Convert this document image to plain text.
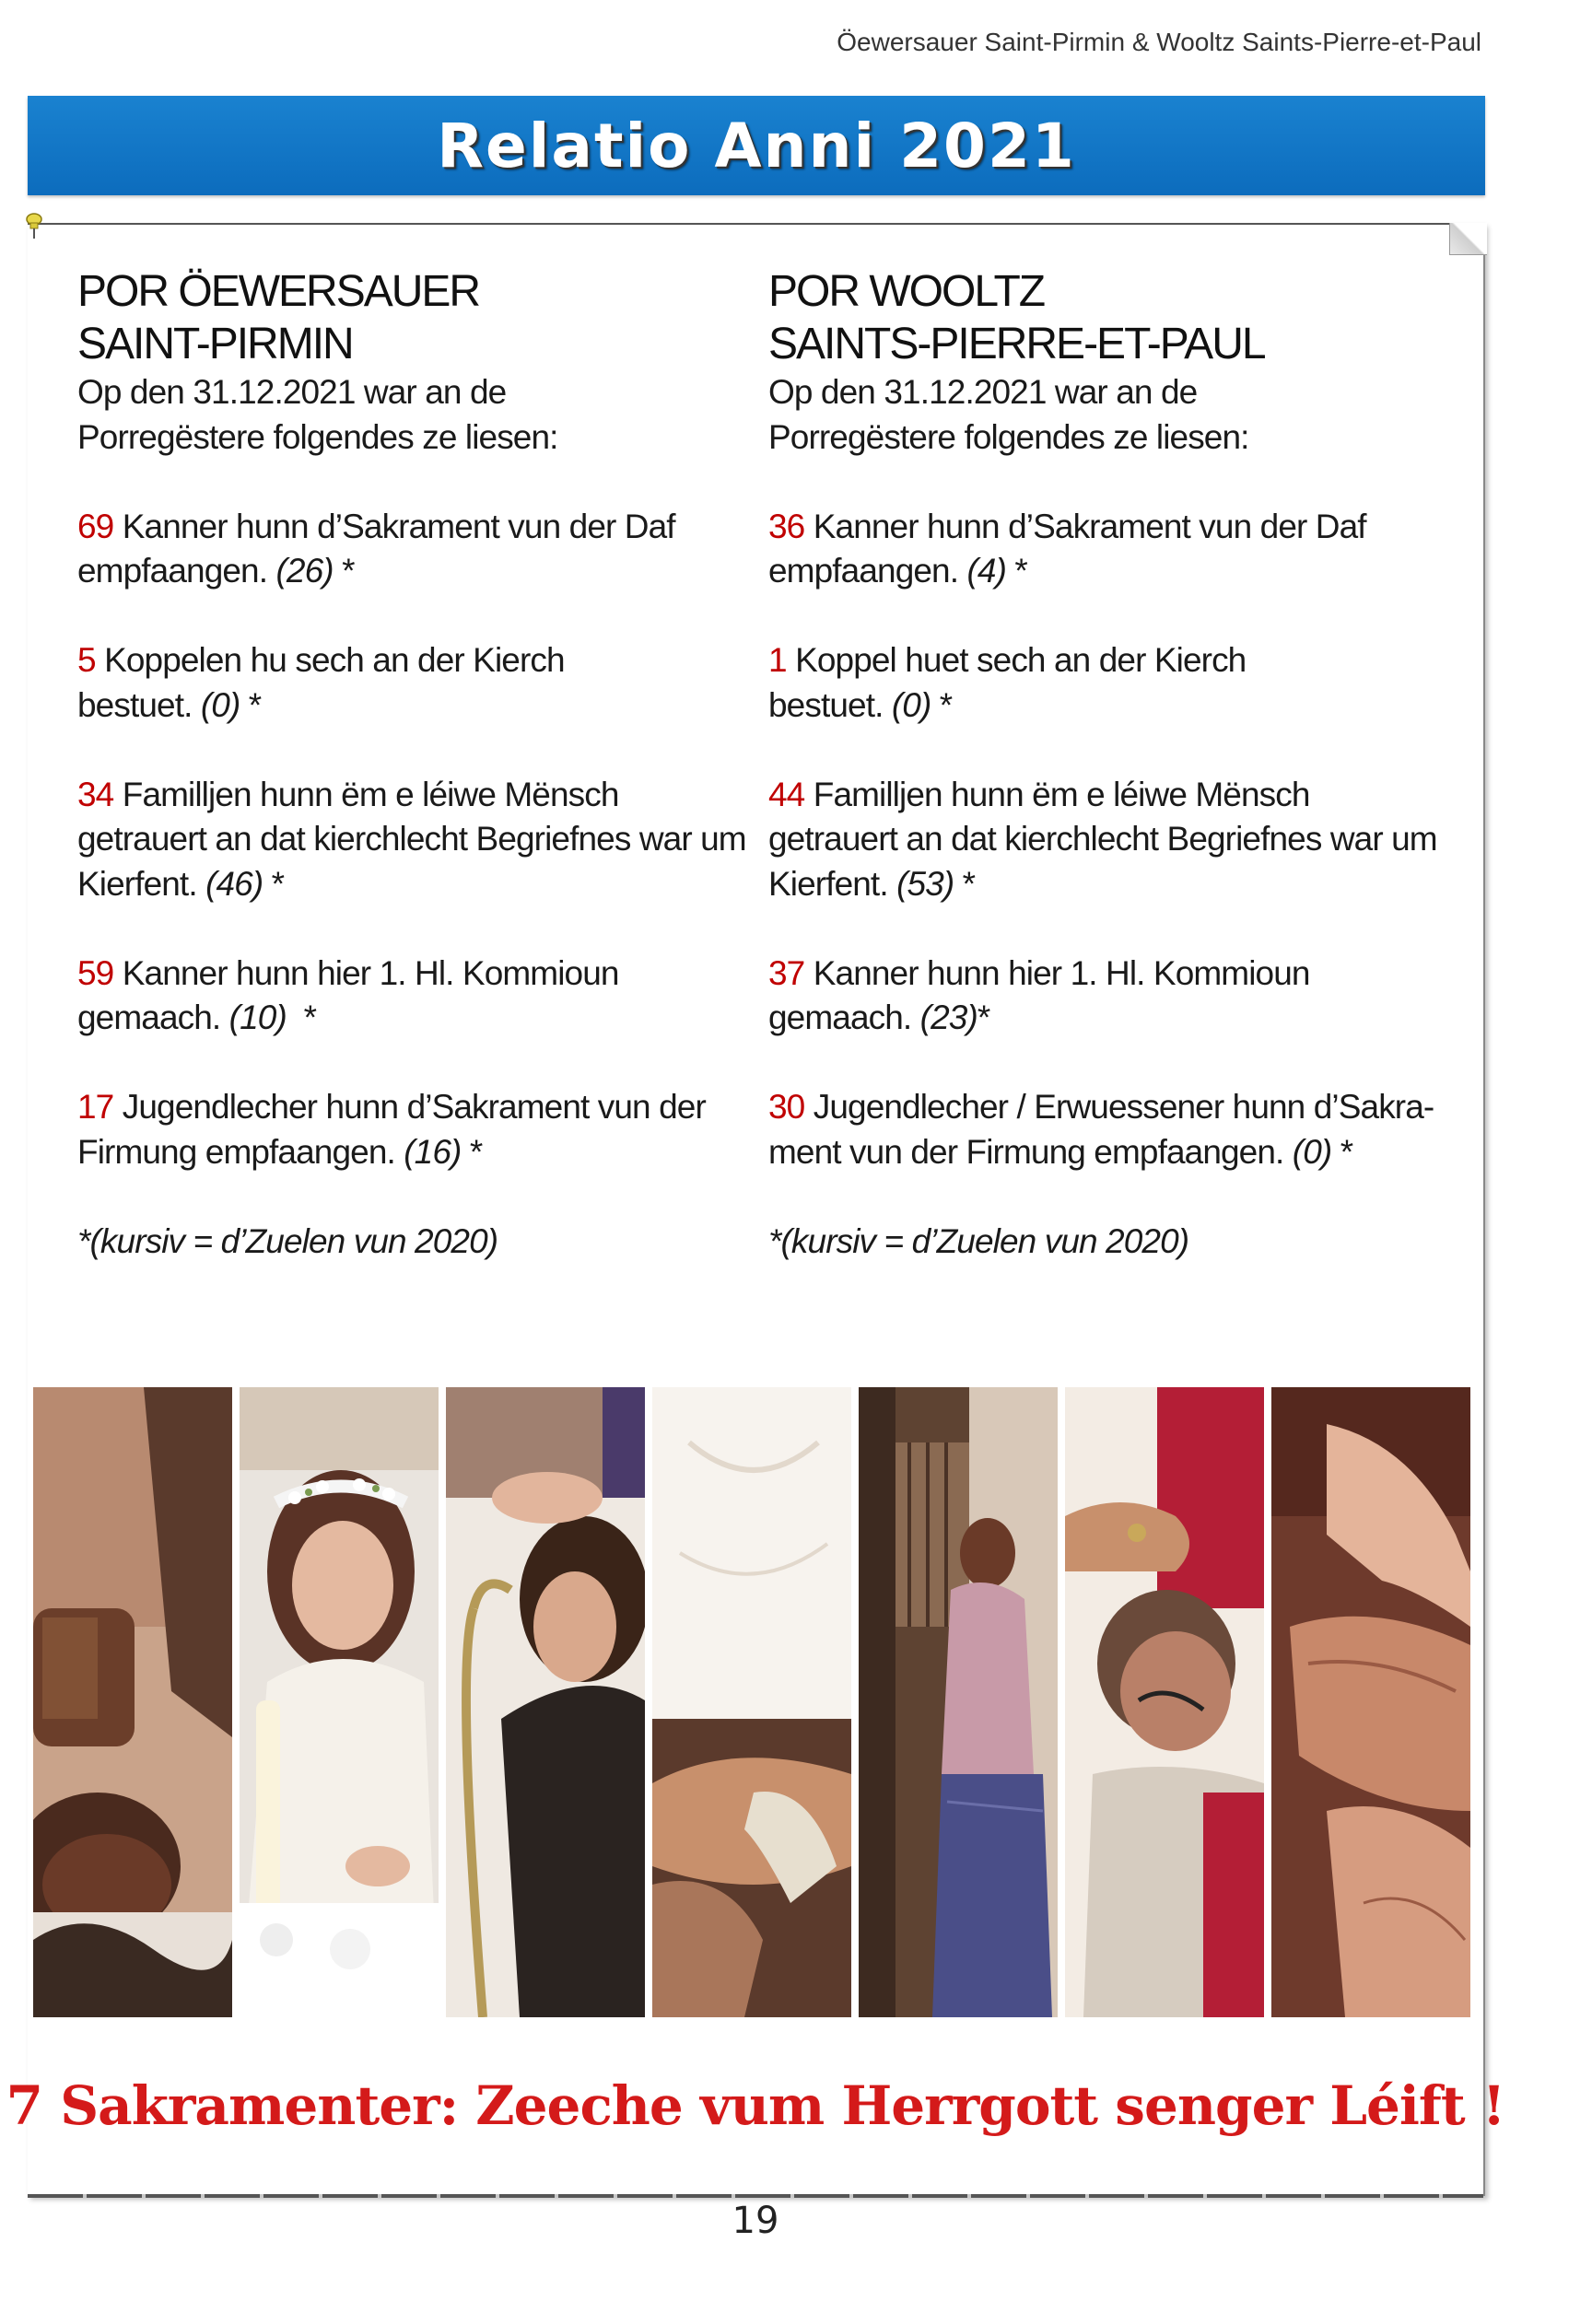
Öewersauer Saint-Pirmin & Wooltz Saints-Pierre-et-Paul
Relatio Anni 2021
POR ÖEWERSAUER
SAINT-PIRMIN

Op den 31.12.2021 war an de
Porregëstere folgendes ze liesen:

69 Kanner hunn d’Sakrament vun der Daf
empfaangen. (26) *

5 Koppelen hu sech an der Kierch
bestuet. (0) *

34 Familljen hunn ëm e léiwe Mënsch
getrauert an dat kierchlecht Begriefnes war um
Kierfent. (46) *

59 Kanner hunn hier 1. Hl. Kommioun
gemaach. (10)  *

17 Jugendlecher hunn d’Sakrament vun der
Firmung empfaangen. (16) *

*(kursiv = d’Zuelen vun 2020)

POR WOOLTZ
SAINTS-PIERRE-ET-PAUL

Op den 31.12.2021 war an de
Porregëstere folgendes ze liesen:

36 Kanner hunn d’Sakrament vun der Daf
empfaangen. (4) *

1 Koppel huet sech an der Kierch
bestuet. (0) *

44 Familljen hunn ëm e léiwe Mënsch
getrauert an dat kierchlecht Begriefnes war um
Kierfent. (53) *

37 Kanner hunn hier 1. Hl. Kommioun
gemaach. (23)*

30 Jugendlecher / Erwuessener hunn d’Sakra-
ment vun der Firmung empfaangen. (0) *

*(kursiv = d’Zuelen vun 2020)

7 Sakramenter: Zeeche vum Herrgott senger Léift !
19
